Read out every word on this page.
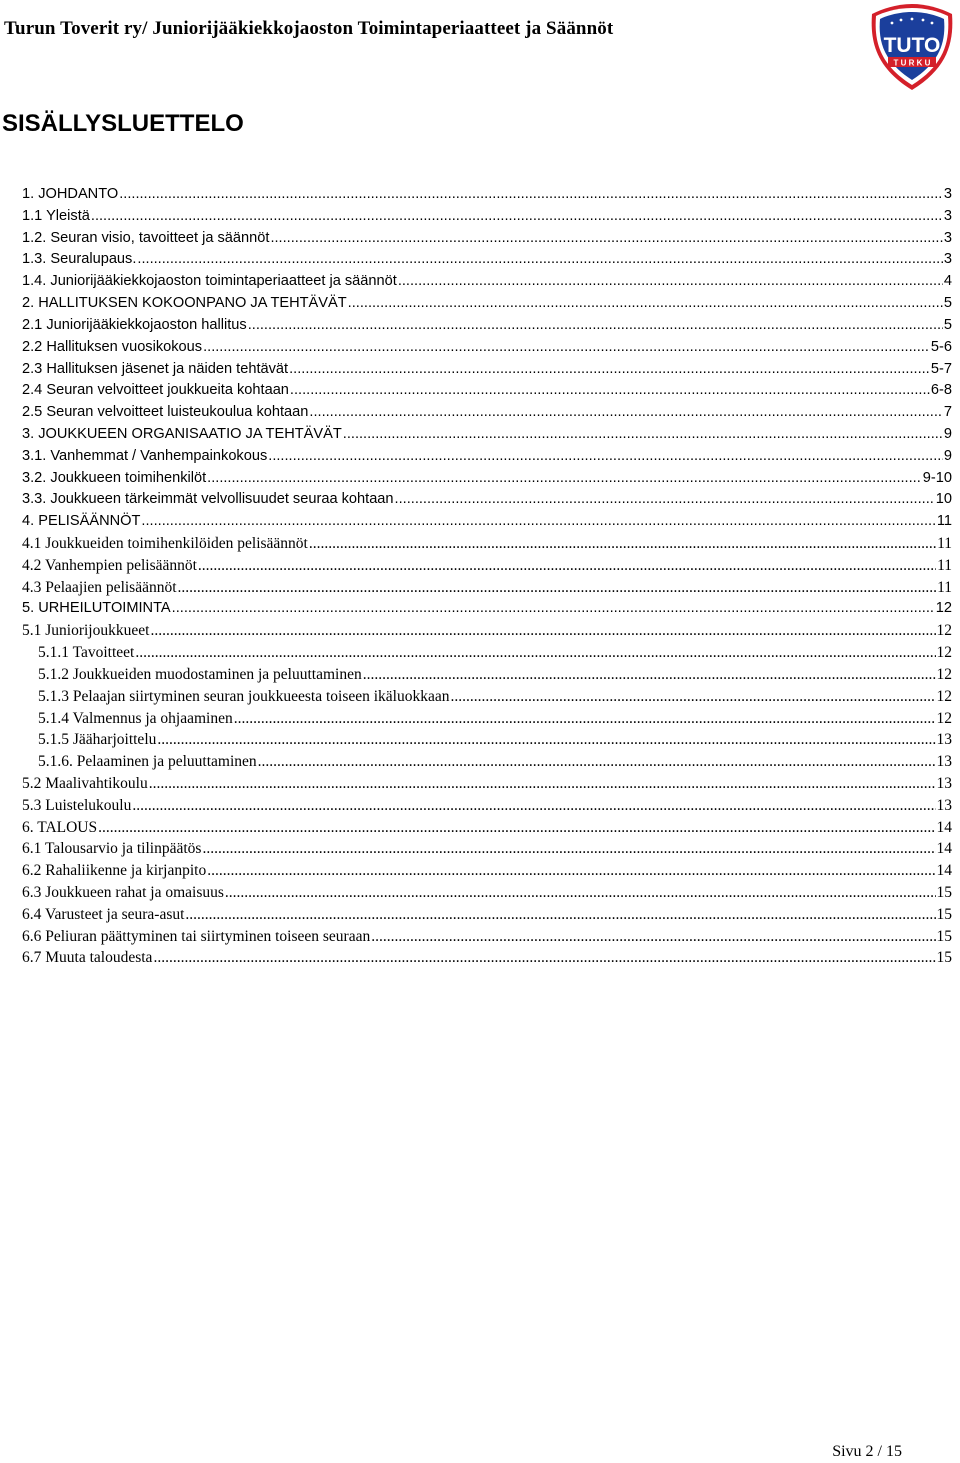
Turun Toverit ry/ Juniorijääkiekkojaoston Toimintaperiaatteet ja Säännöt
TUTO
T U R K U
SISÄLLYSLUETTELO
1. JOHDANTO .....	3
1.1 Yleistä .....	3
1.2. Seuran visio, tavoitteet ja säännöt .....	3
1.3. Seuralupaus. .....	3
1.4. Juniorijääkiekkojaoston toimintaperiaatteet ja säännöt .....	4
2. HALLITUKSEN KOKOONPANO JA TEHTÄVÄT .....	5
2.1 Juniorijääkiekkojaoston hallitus .....	5
2.2 Hallituksen vuosikokous .....	5-6
2.3 Hallituksen jäsenet ja näiden tehtävät .....	5-7
2.4 Seuran velvoitteet joukkueita kohtaan .....	6-8
2.5 Seuran velvoitteet luisteukoulua kohtaan .....	7
3. JOUKKUEEN ORGANISAATIO JA TEHTÄVÄT .....	9
3.1. Vanhemmat / Vanhempainkokous .....	9
3.2. Joukkueen toimihenkilöt .....	9-10
3.3. Joukkueen tärkeimmät velvollisuudet seuraa kohtaan .....	10
4. PELISÄÄNNÖT .....	11
4.1 Joukkueiden toimihenkilöiden pelisäännöt .....	11
4.2 Vanhempien pelisäännöt .....	11
4.3 Pelaajien pelisäännöt .....	11
5. URHEILUTOIMINTA .....	12
5.1 Juniorijoukkueet .....	12
5.1.1 Tavoitteet .....	12
5.1.2 Joukkueiden muodostaminen ja peluuttaminen .....	12
5.1.3 Pelaajan siirtyminen seuran joukkueesta toiseen ikäluokkaan .....	12
5.1.4 Valmennus ja ohjaaminen .....	12
5.1.5 Jääharjoittelu .....	13
5.1.6. Pelaaminen ja peluuttaminen .....	13
5.2 Maalivahtikoulu .....	13
5.3 Luistelukoulu .....	13
6. TALOUS .....	14
6.1 Talousarvio ja tilinpäätös .....	14
6.2 Rahaliikenne ja kirjanpito .....	14
6.3 Joukkueen rahat ja omaisuus .....	15
6.4 Varusteet ja seura-asut .....	15
6.6 Peliuran päättyminen tai siirtyminen toiseen seuraan .....	15
6.7 Muuta taloudesta .....	15
Sivu 2 / 15
